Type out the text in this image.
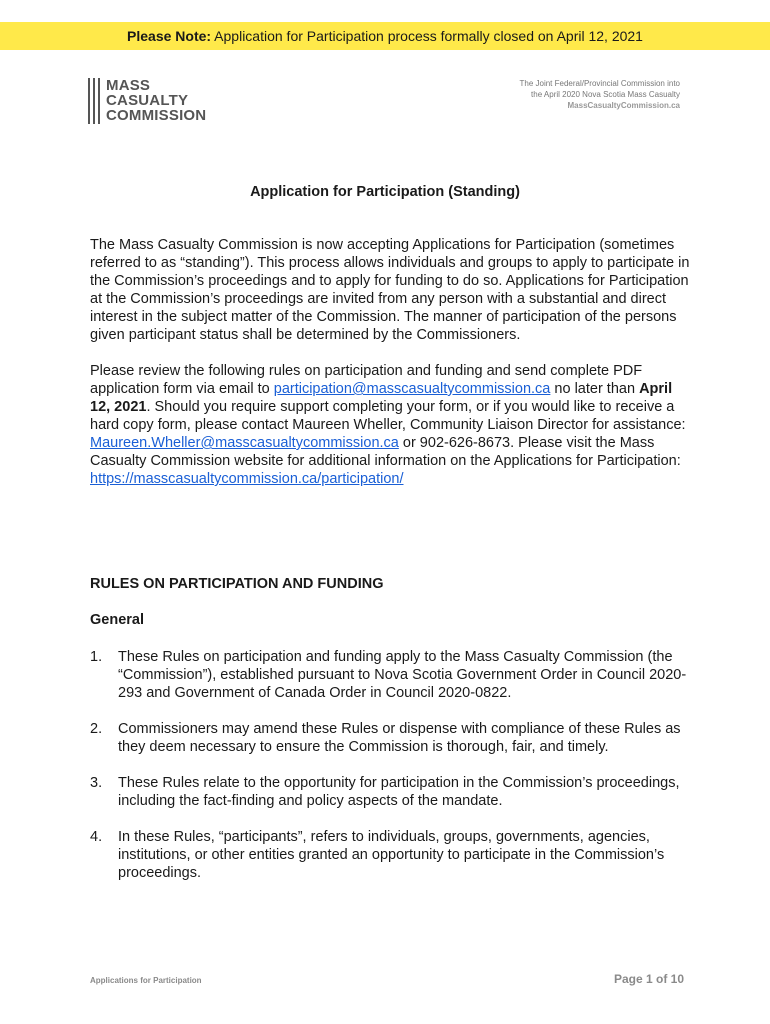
Please Note: Application for Participation process formally closed on April 12, 2021
MASS
CASUALTY
COMMISSION
The Joint Federal/Provincial Commission into
the April 2020 Nova Scotia Mass Casualty
MassCasualtyCommission.ca
Application for Participation (Standing)

The Mass Casualty Commission is now accepting Applications for Participation (sometimes referred to as “standing”). This process allows individuals and groups to apply to participate in the Commission’s proceedings and to apply for funding to do so. Applications for Participation at the Commission’s proceedings are invited from any person with a substantial and direct interest in the subject matter of the Commission. The manner of participation of the persons given participant status shall be determined by the Commissioners.

Please review the following rules on participation and funding and send complete PDF application form via email to participation@masscasualtycommission.ca no later than April 12, 2021. Should you require support completing your form, or if you would like to receive a hard copy form, please contact Maureen Wheller, Community Liaison Director for assistance: Maureen.Wheller@masscasualtycommission.ca or 902-626-8673. Please visit the Mass Casualty Commission website for additional information on the Applications for Participation: https://masscasualtycommission.ca/participation/

RULES ON PARTICIPATION AND FUNDING
General
1.	These Rules on participation and funding apply to the Mass Casualty Commission (the “Commission”), established pursuant to Nova Scotia Government Order in Council 2020-293 and Government of Canada Order in Council 2020-0822.
2.	Commissioners may amend these Rules or dispense with compliance of these Rules as they deem necessary to ensure the Commission is thorough, fair, and timely.
3.	These Rules relate to the opportunity for participation in the Commission’s proceedings, including the fact-finding and policy aspects of the mandate.
4.	In these Rules, “participants”, refers to individuals, groups, governments, agencies, institutions, or other entities granted an opportunity to participate in the Commission’s proceedings.
Applications for Participation	Page 1 of 10
